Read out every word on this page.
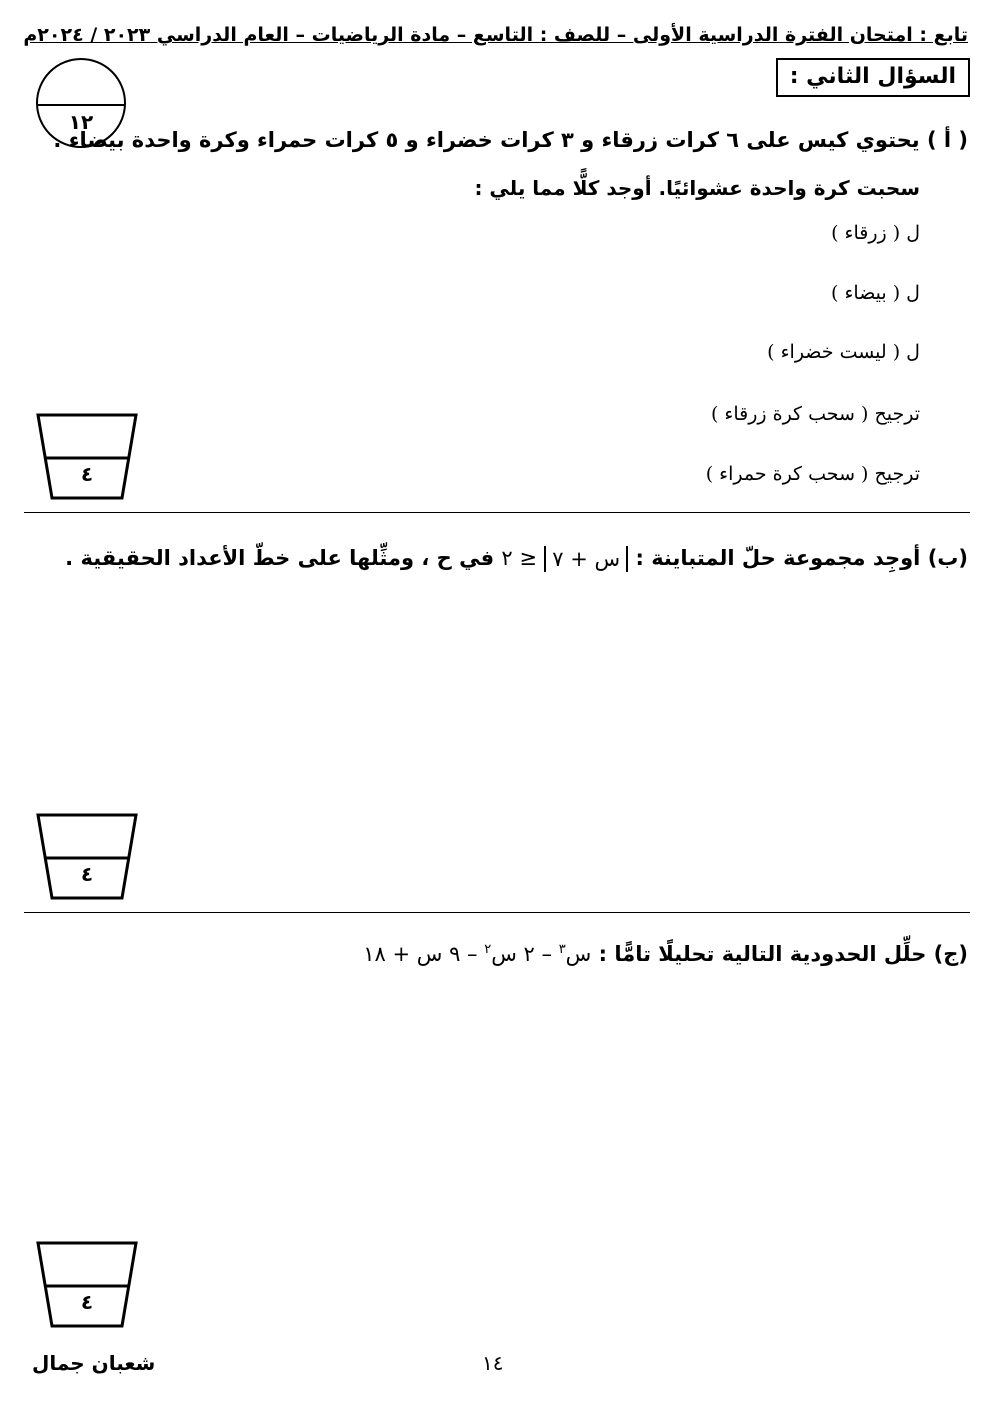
تابع : امتحان الفترة الدراسية الأولى – للصف : التاسع – مادة الرياضيات – العام الدراسي ٢٠٢٣ / ٢٠٢٤م
السؤال الثاني :
١٢
( أ ) يحتوي كيس على ٦ كرات زرقاء و ٣ كرات خضراء و ٥ كرات حمراء وكرة واحدة بيضاء .
سحبت كرة واحدة عشوائيًا. أوجد كلًّا مما يلي :
ل ( زرقاء )
ل ( بيضاء )
ل ( ليست خضراء )
ترجيح ( سحب كرة زرقاء )
ترجيح ( سحب كرة حمراء )
٤
(ب) أوجِد مجموعة حلّ المتباينة : س + ٧ ≤ ٢ في ح ، ومثِّلها على خطّ الأعداد الحقيقية .
٤
(ج) حلِّل الحدودية التالية تحليلًا تامًّا : س$^٣$ – ٢ س$^٢$ – ٩ س + ١٨
٤
شعبان جمال	١٤
